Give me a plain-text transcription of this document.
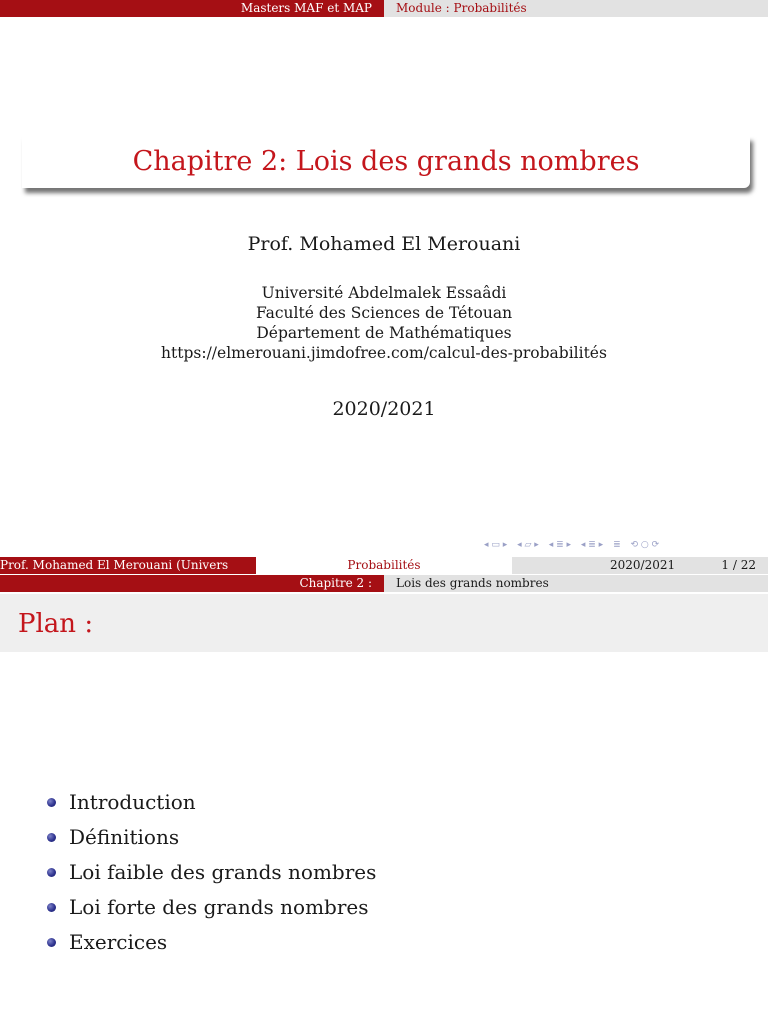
Masters MAF et MAP	Module : Probabilités
Chapitre 2: Lois des grands nombres
Prof. Mohamed El Merouani
Université Abdelmalek Essaâdi
Faculté des Sciences de Tétouan
Département de Mathématiques
https://elmerouani.jimdofree.com/calcul-des-probabilités
2020/2021
◂ ▭ ▸ ◂ ▱ ▸ ◂ ≣ ▸ ◂ ≣ ▸ ≣ ⟲ ○ ⟳
Prof. Mohamed El Merouani (Univers	Probabilités	2020/2021	1 / 22
Chapitre 2 :	Lois des grands nombres
Plan :
Introduction
Définitions
Loi faible des grands nombres
Loi forte des grands nombres
Exercices
